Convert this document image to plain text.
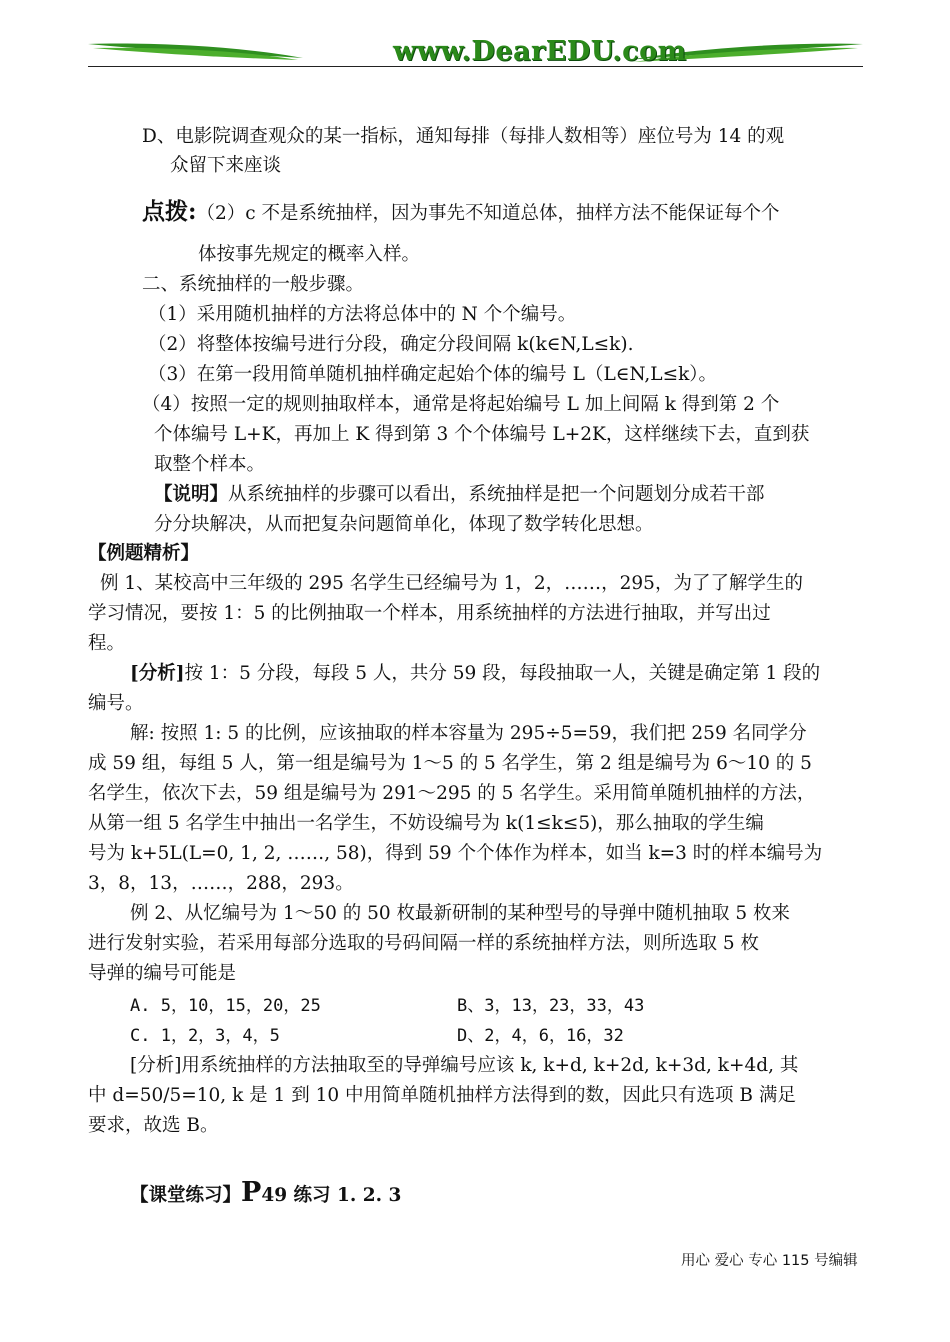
www.DearEDU.com
D、电影院调查观众的某一指标，通知每排（每排人数相等）座位号为 14 的观
众留下来座谈
点拨:（2）c 不是系统抽样，因为事先不知道总体，抽样方法不能保证每个个
体按事先规定的概率入样。
二、系统抽样的一般步骤。
（1）采用随机抽样的方法将总体中的 N 个个编号。
（2）将整体按编号进行分段，确定分段间隔 k(k∈N,L≤k).
（3）在第一段用简单随机抽样确定起始个体的编号 L（L∈N,L≤k）。
（4）按照一定的规则抽取样本，通常是将起始编号 L 加上间隔 k 得到第 2 个
个体编号 L+K，再加上 K 得到第 3 个个体编号 L+2K，这样继续下去，直到获
取整个样本。
【说明】从系统抽样的步骤可以看出，系统抽样是把一个问题划分成若干部
分分块解决，从而把复杂问题简单化，体现了数学转化思想。
【例题精析】
例 1、某校高中三年级的 295 名学生已经编号为 1，2，……，295，为了了解学生的
学习情况，要按 1：5 的比例抽取一个样本，用系统抽样的方法进行抽取，并写出过
程。
[分析]按 1：5 分段，每段 5 人，共分 59 段，每段抽取一人，关键是确定第 1 段的
编号。
解: 按照 1: 5 的比例，应该抽取的样本容量为 295÷5=59，我们把 259 名同学分
成 59 组，每组 5 人，第一组是编号为 1～5 的 5 名学生，第 2 组是编号为 6～10 的 5
名学生，依次下去，59 组是编号为 291～295 的 5 名学生。采用简单随机抽样的方法，
从第一组 5 名学生中抽出一名学生，不妨设编号为 k(1≤k≤5)，那么抽取的学生编
号为 k+5L(L=0, 1, 2, ……, 58)，得到 59 个个体作为样本，如当 k=3 时的样本编号为
3，8，13，……，288，293。
例 2、从忆编号为 1～50 的 50 枚最新研制的某种型号的导弹中随机抽取 5 枚来
进行发射实验，若采用每部分选取的号码间隔一样的系统抽样方法，则所选取 5 枚
导弹的编号可能是
A. 5，10，15，20，25	B、3，13，23，33，43
C. 1，2，3，4，5	D、2，4，6，16，32
[分析]用系统抽样的方法抽取至的导弹编号应该 k, k+d, k+2d, k+3d, k+4d, 其
中 d=50/5=10, k 是 1 到 10 中用简单随机抽样方法得到的数，因此只有选项 B 满足
要求，故选 B。
【课堂练习】P49 练习 1. 2. 3
用心 爱心 专心 115 号编辑
